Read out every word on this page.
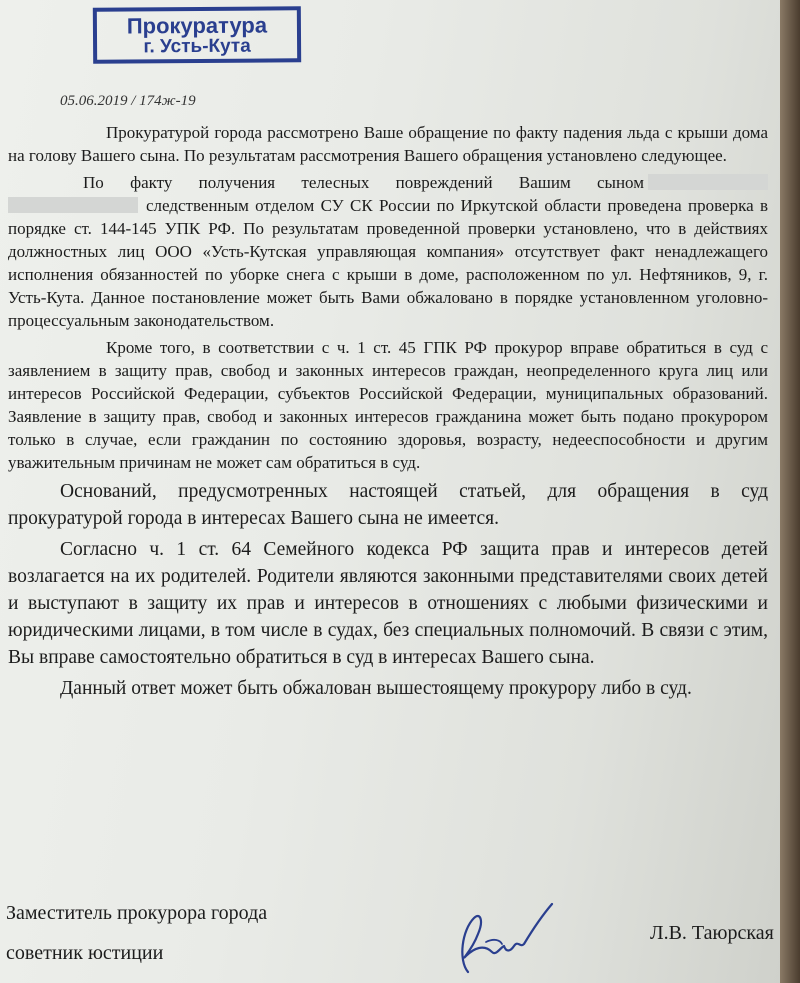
Прокуратура
г. Усть-Кута
05.06.2019 / 174ж-19

Прокуратурой города рассмотрено Ваше обращение по факту падения льда с крыши дома на голову Вашего сына. По результатам рассмотрения Вашего обращения установлено следующее.

По факту получения телесных повреждений Вашим сыном следственным отделом СУ СК России по Иркутской области проведена проверка в порядке ст. 144-145 УПК РФ. По результатам проведенной проверки установлено, что в действиях должностных лиц ООО «Усть-Кутская управляющая компания» отсутствует факт ненадлежащего исполнения обязанностей по уборке снега с крыши в доме, расположенном по ул. Нефтяников, 9, г. Усть-Кута. Данное постановление может быть Вами обжаловано в порядке установленном уголовно-процессуальным законодательством.

Кроме того, в соответствии с ч. 1 ст. 45 ГПК РФ прокурор вправе обратиться в суд с заявлением в защиту прав, свобод и законных интересов граждан, неопределенного круга лиц или интересов Российской Федерации, субъектов Российской Федерации, муниципальных образований. Заявление в защиту прав, свобод и законных интересов гражданина может быть подано прокурором только в случае, если гражданин по состоянию здоровья, возрасту, недееспособности и другим уважительным причинам не может сам обратиться в суд.

Оснований, предусмотренных настоящей статьей, для обращения в суд прокуратурой города в интересах Вашего сына не имеется.

Согласно ч. 1 ст. 64 Семейного кодекса РФ защита прав и интересов детей возлагается на их родителей. Родители являются законными представителями своих детей и выступают в защиту их прав и интересов в отношениях с любыми физическими и юридическими лицами, в том числе в судах, без специальных полномочий. В связи с этим, Вы вправе самостоятельно обратиться в суд в интересах Вашего сына.

Данный ответ может быть обжалован вышестоящему прокурору либо в суд.

Заместитель прокурора города
советник юстиции
Л.В. Таюрская
